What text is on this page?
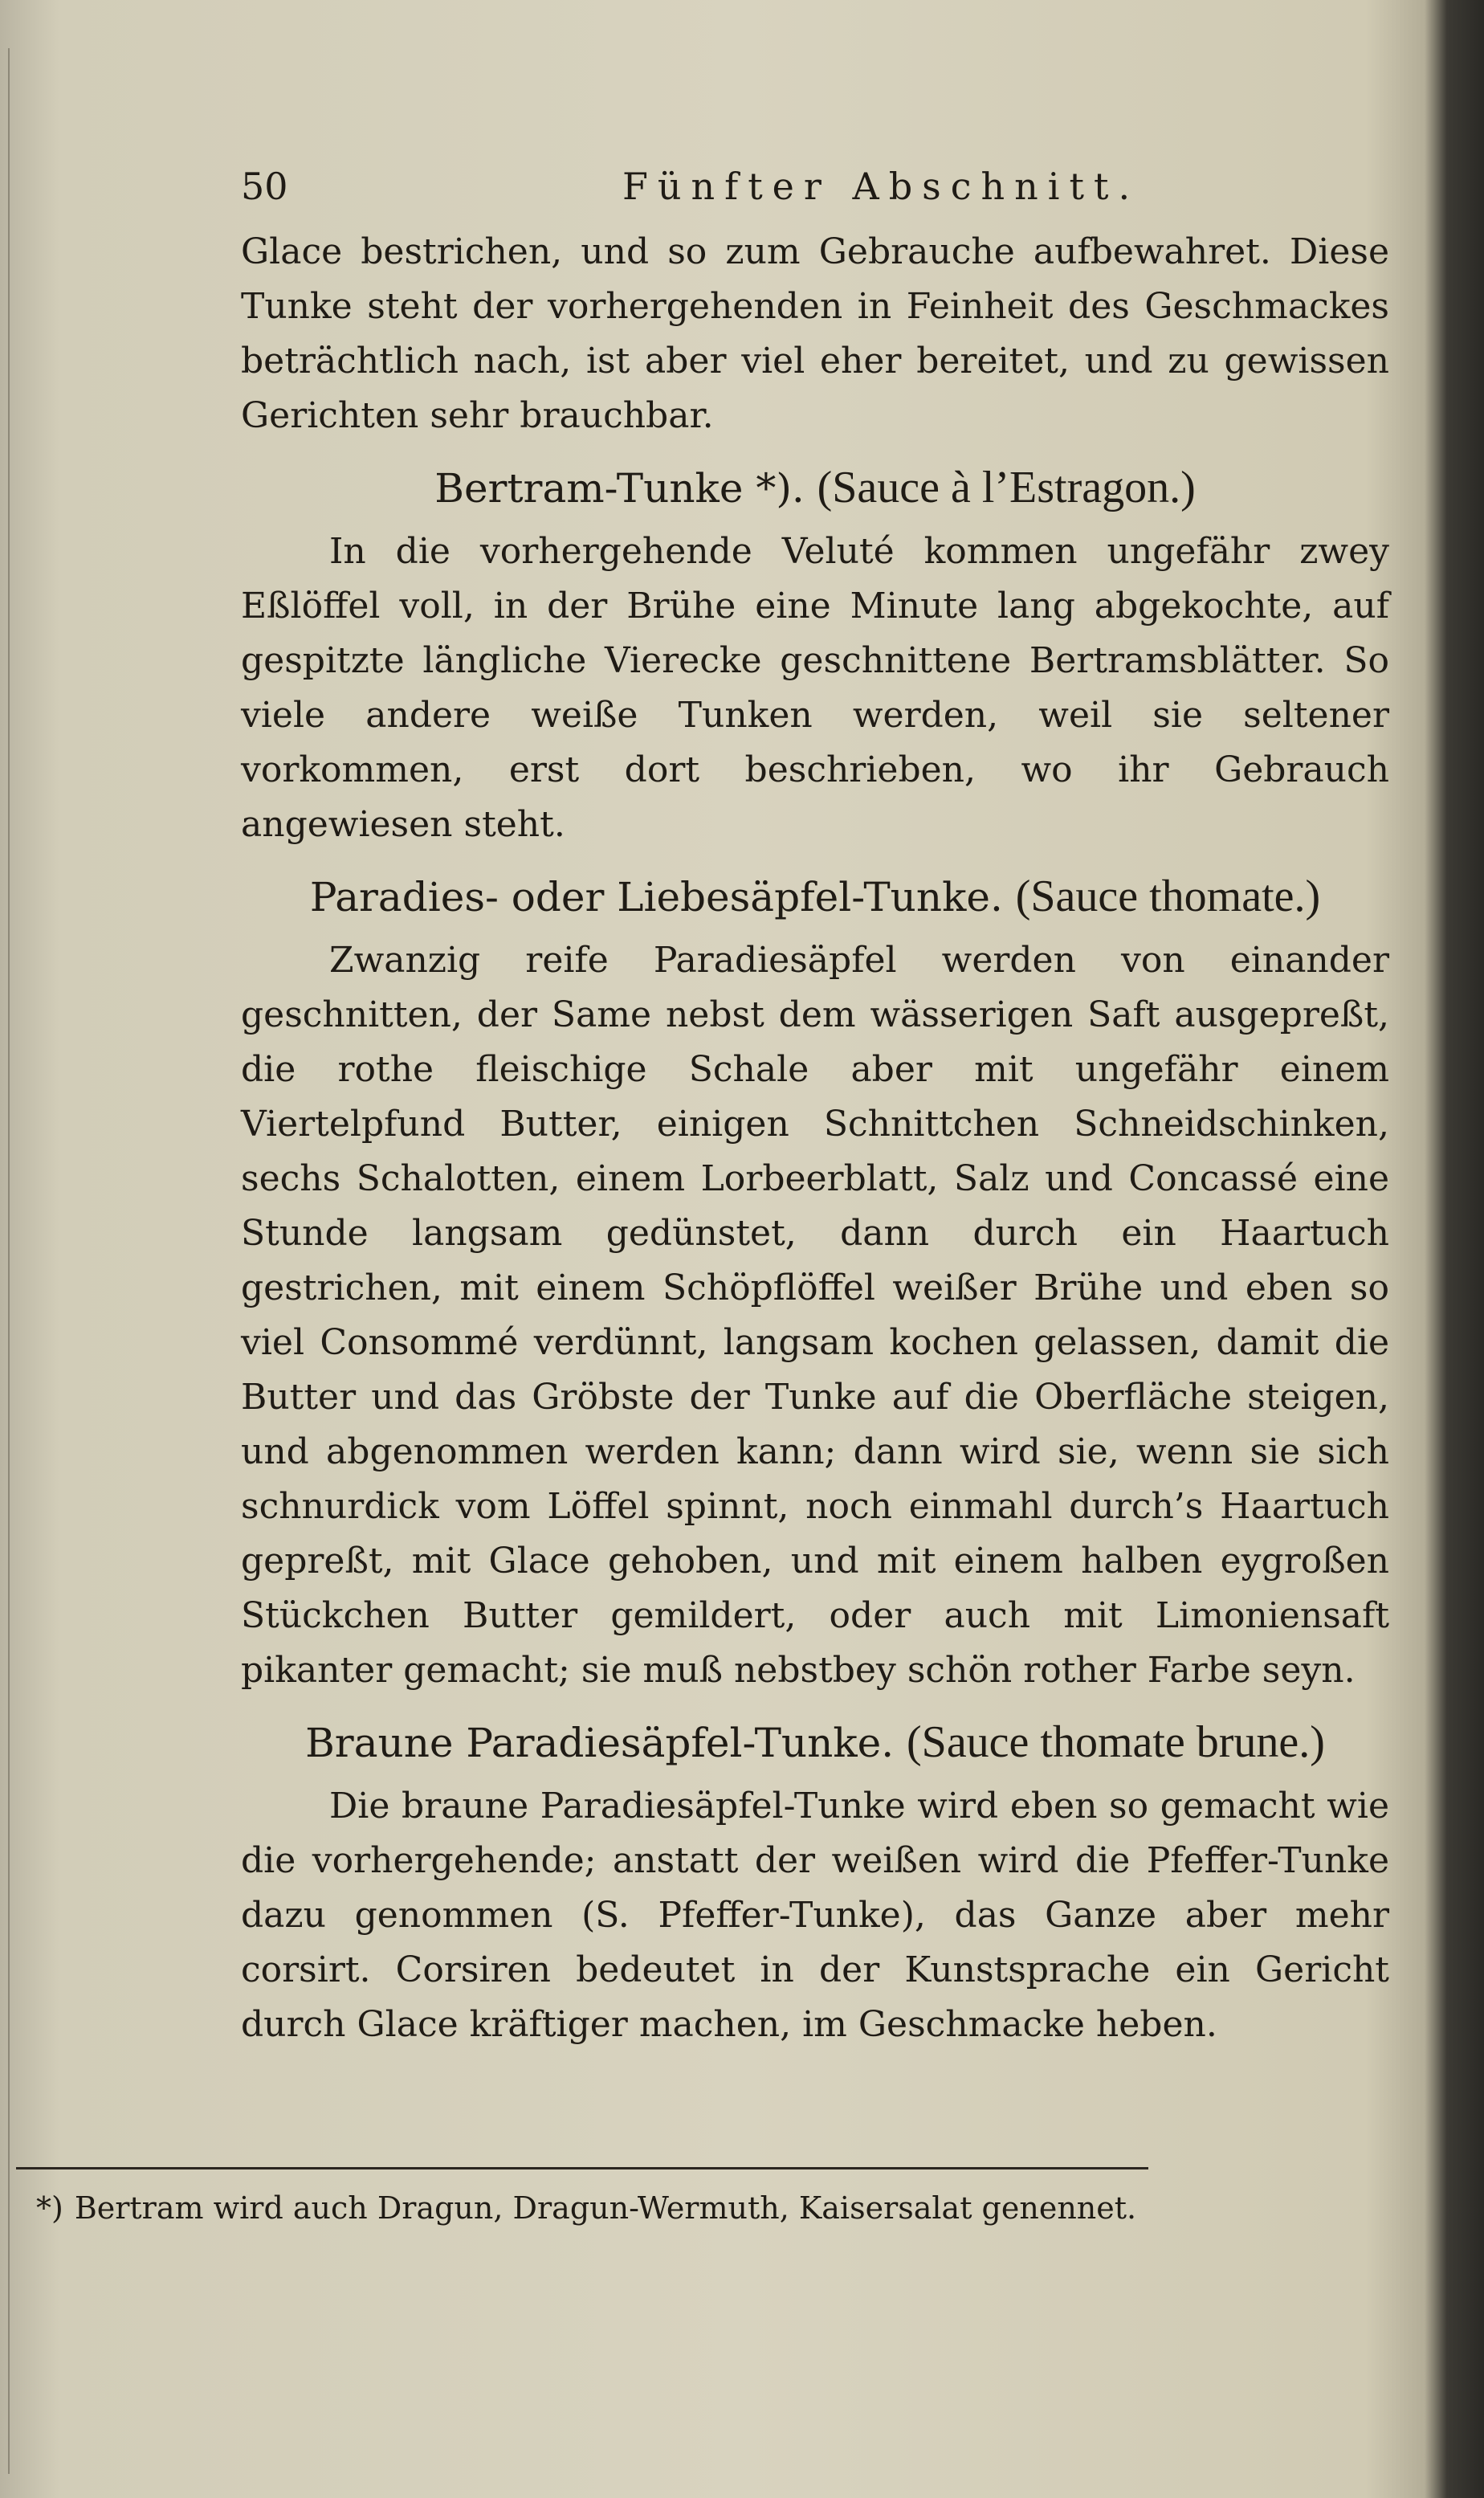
50	Fünfter Abschnitt.

Glace bestrichen, und so zum Gebrauche aufbewahret. Diese Tunke steht der vorhergehenden in Feinheit des Geschmackes beträchtlich nach, ist aber viel eher bereitet, und zu gewissen Gerichten sehr brauchbar.

Bertram-Tunke *). (Sauce à l’Estragon.)

In die vorhergehende Veluté kommen ungefähr zwey Eßlöffel voll, in der Brühe eine Minute lang abgekochte, auf gespitzte längliche Vierecke geschnittene Bertramsblätter. So viele andere weiße Tunken werden, weil sie seltener vorkommen, erst dort beschrieben, wo ihr Gebrauch angewiesen steht.

Paradies- oder Liebesäpfel-Tunke. (Sauce thomate.)

Zwanzig reife Paradiesäpfel werden von einander geschnitten, der Same nebst dem wässerigen Saft ausgepreßt, die rothe fleischige Schale aber mit ungefähr einem Viertelpfund Butter, einigen Schnittchen Schneidschinken, sechs Schalotten, einem Lorbeerblatt, Salz und Concassé eine Stunde langsam gedünstet, dann durch ein Haartuch gestrichen, mit einem Schöpflöffel weißer Brühe und eben so viel Consommé verdünnt, langsam kochen gelassen, damit die Butter und das Gröbste der Tunke auf die Oberfläche steigen, und abgenommen werden kann; dann wird sie, wenn sie sich schnurdick vom Löffel spinnt, noch einmahl durch’s Haartuch gepreßt, mit Glace gehoben, und mit einem halben eygroßen Stückchen Butter gemildert, oder auch mit Limoniensaft pikanter gemacht; sie muß nebstbey schön rother Farbe seyn.

Braune Paradiesäpfel-Tunke. (Sauce thomate brune.)

Die braune Paradiesäpfel-Tunke wird eben so gemacht wie die vorhergehende; anstatt der weißen wird die Pfeffer-Tunke dazu genommen (S. Pfeffer-Tunke), das Ganze aber mehr corsirt. Corsiren bedeutet in der Kunstsprache ein Gericht durch Glace kräftiger machen, im Geschmacke heben.

*) Bertram wird auch Dragun, Dragun-Wermuth, Kaisersalat genennet.
